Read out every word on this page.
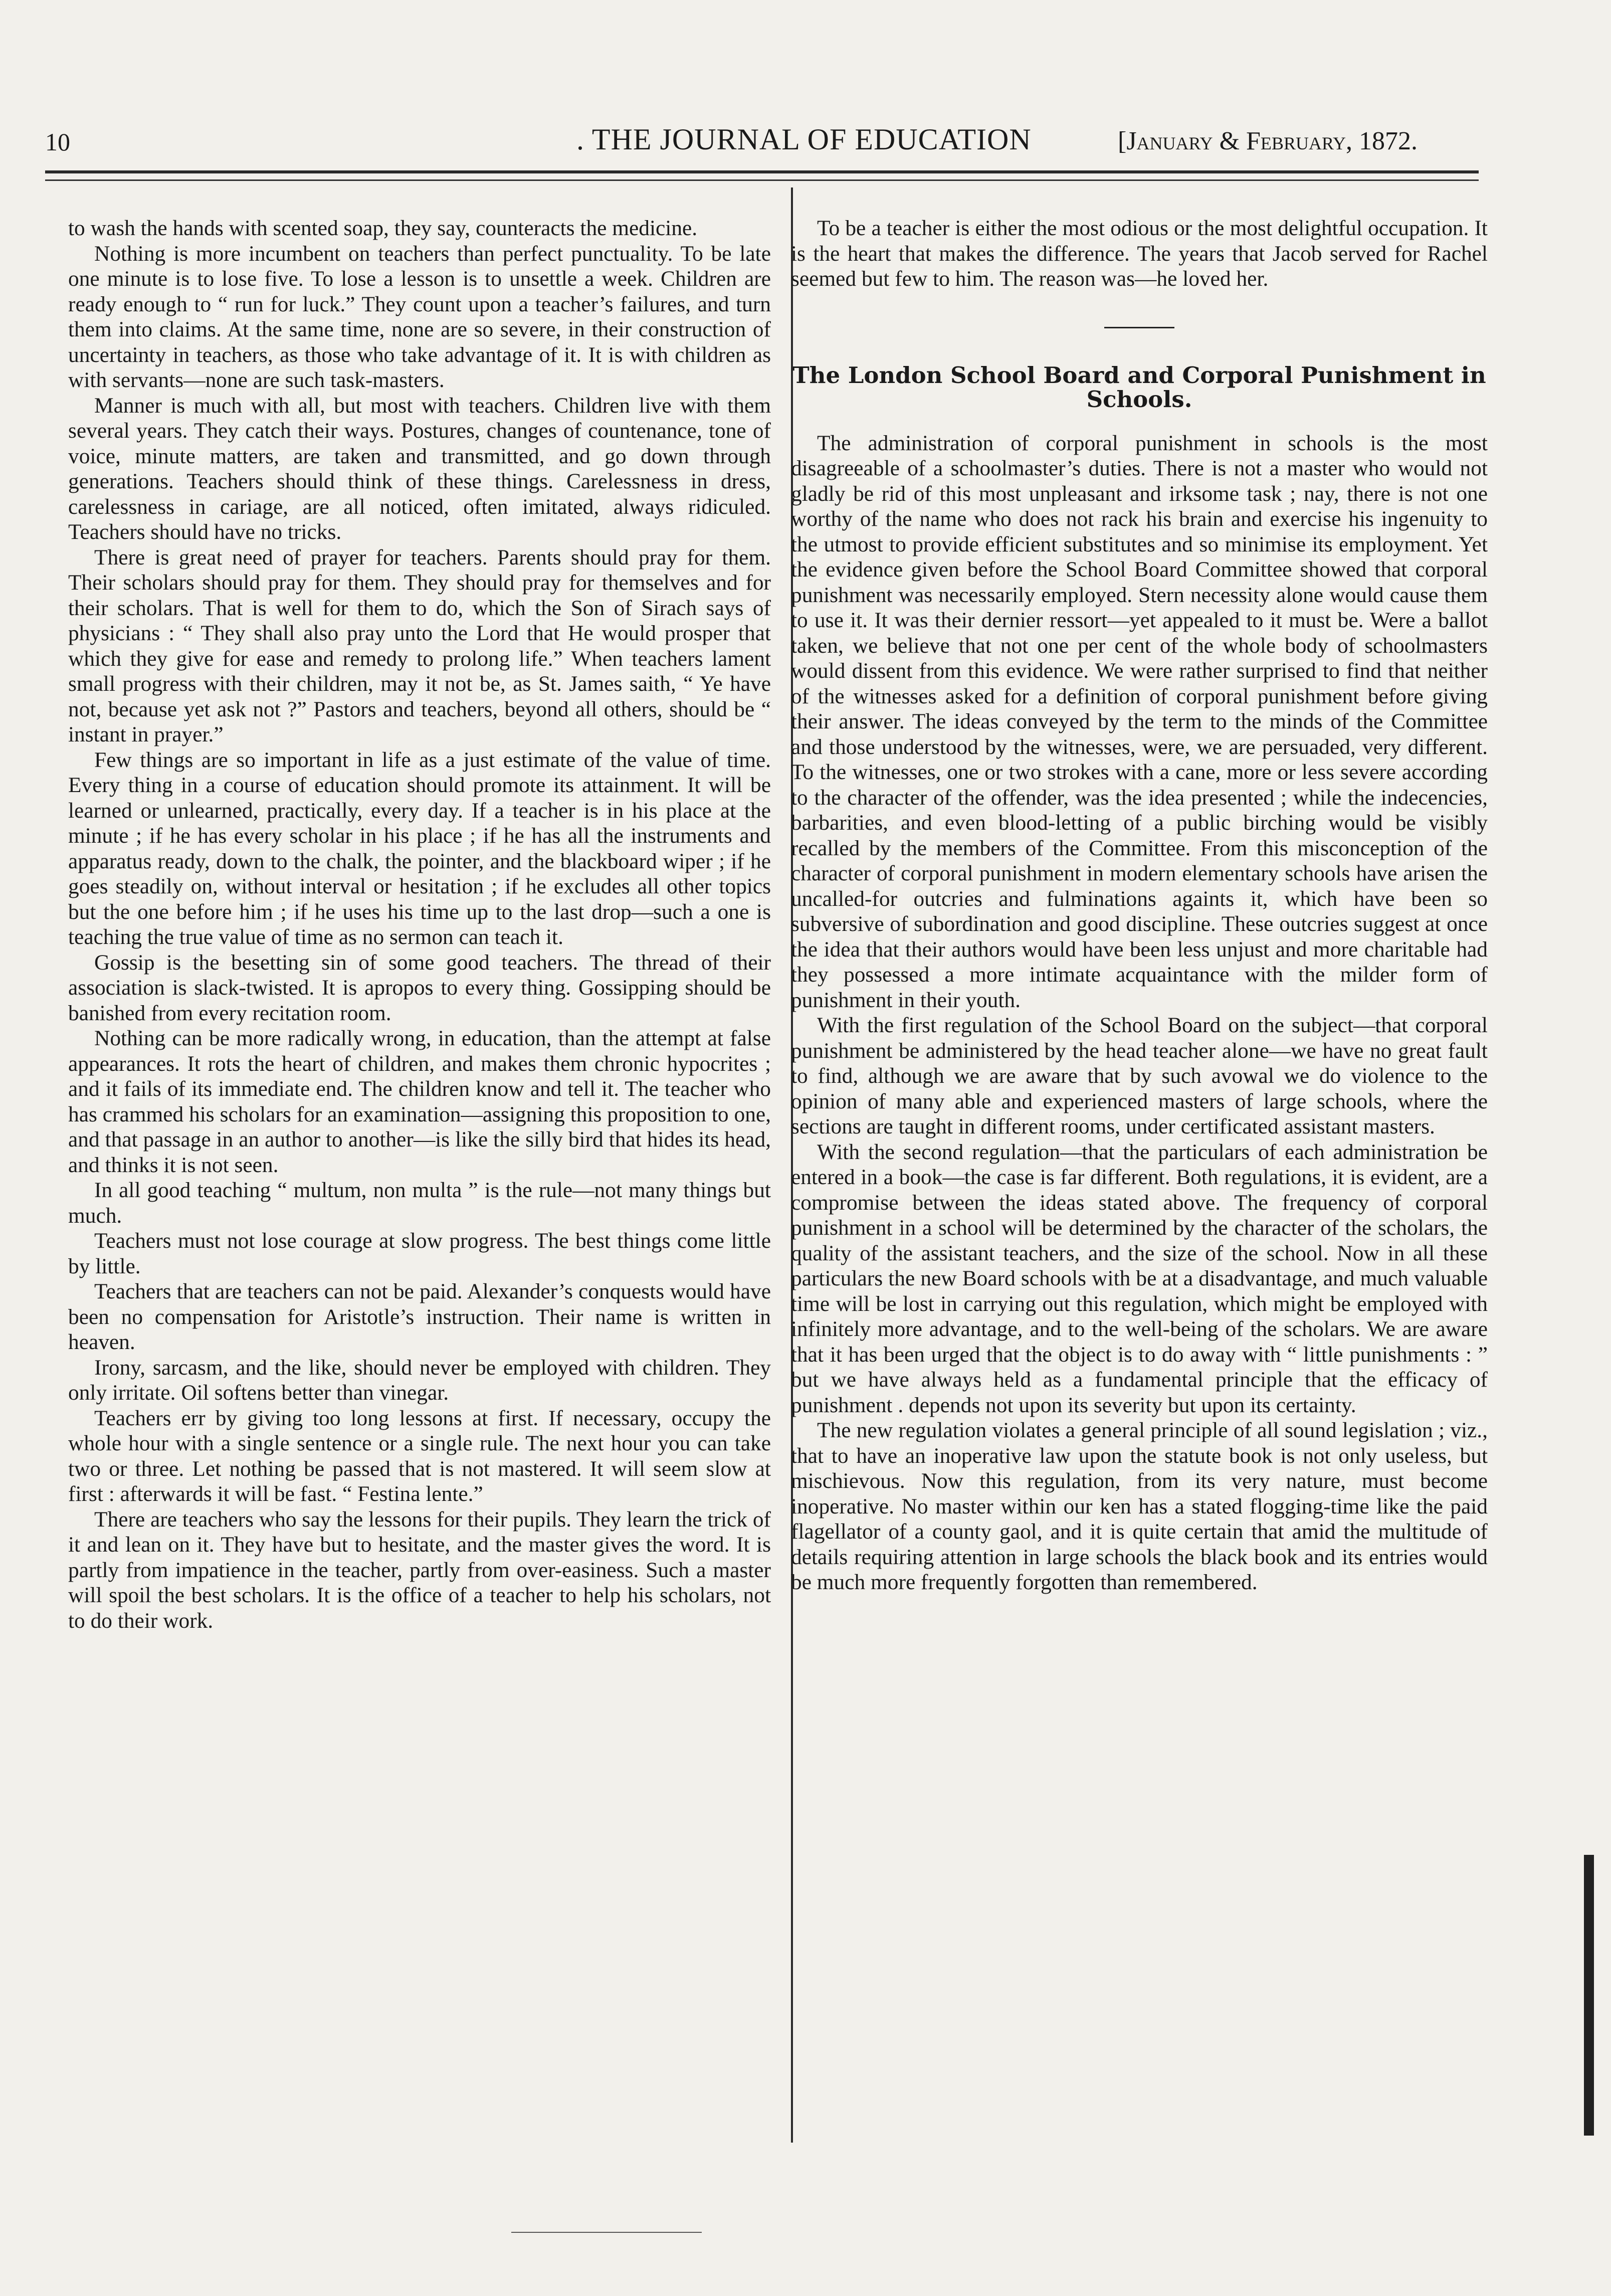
10	. THE JOURNAL OF EDUCATION	[January & February, 1872.

to wash the hands with scented soap, they say, counteracts the medicine.

Nothing is more incumbent on teachers than perfect punctuality. To be late one minute is to lose five. To lose a lesson is to unsettle a week. Children are ready enough to “ run for luck.” They count upon a teacher’s failures, and turn them into claims. At the same time, none are so severe, in their construction of uncertainty in teachers, as those who take advantage of it. It is with children as with servants—none are such task-masters.

Manner is much with all, but most with teachers. Children live with them several years. They catch their ways. Postures, changes of countenance, tone of voice, minute matters, are taken and transmitted, and go down through generations. Teachers should think of these things. Carelessness in dress, carelessness in cariage, are all noticed, often imitated, always ridiculed. Teachers should have no tricks.

There is great need of prayer for teachers. Parents should pray for them. Their scholars should pray for them. They should pray for themselves and for their scholars. That is well for them to do, which the Son of Sirach says of physicians : “ They shall also pray unto the Lord that He would prosper that which they give for ease and remedy to prolong life.” When teachers lament small progress with their children, may it not be, as St. James saith, “ Ye have not, because yet ask not ?” Pastors and teachers, beyond all others, should be “ instant in prayer.”

Few things are so important in life as a just estimate of the value of time. Every thing in a course of education should promote its attainment. It will be learned or unlearned, practically, every day. If a teacher is in his place at the minute ; if he has every scholar in his place ; if he has all the instruments and apparatus ready, down to the chalk, the pointer, and the blackboard wiper ; if he goes steadily on, without interval or hesitation ; if he excludes all other topics but the one before him ; if he uses his time up to the last drop—such a one is teaching the true value of time as no sermon can teach it.

Gossip is the besetting sin of some good teachers. The thread of their association is slack-twisted. It is apropos to every thing. Gossipping should be banished from every recitation room.

Nothing can be more radically wrong, in education, than the attempt at false appearances. It rots the heart of children, and makes them chronic hypocrites ; and it fails of its immediate end. The children know and tell it. The teacher who has crammed his scholars for an examination—assigning this proposition to one, and that passage in an author to another—is like the silly bird that hides its head, and thinks it is not seen.

In all good teaching “ multum, non multa ” is the rule—not many things but much.

Teachers must not lose courage at slow progress. The best things come little by little.

Teachers that are teachers can not be paid. Alexander’s conquests would have been no compensation for Aristotle’s instruction. Their name is written in heaven.

Irony, sarcasm, and the like, should never be employed with children. They only irritate. Oil softens better than vinegar.

Teachers err by giving too long lessons at first. If necessary, occupy the whole hour with a single sentence or a single rule. The next hour you can take two or three. Let nothing be passed that is not mastered. It will seem slow at first : afterwards it will be fast. “ Festina lente.”

There are teachers who say the lessons for their pupils. They learn the trick of it and lean on it. They have but to hesitate, and the master gives the word. It is partly from impatience in the teacher, partly from over-easiness. Such a master will spoil the best scholars. It is the office of a teacher to help his scholars, not to do their work.

To be a teacher is either the most odious or the most delightful occupation. It is the heart that makes the difference. The years that Jacob served for Rachel seemed but few to him. The reason was—he loved her.

The London School Board and Corporal Punishment in Schools.

The administration of corporal punishment in schools is the most disagreeable of a schoolmaster’s duties. There is not a master who would not gladly be rid of this most unpleasant and irksome task ; nay, there is not one worthy of the name who does not rack his brain and exercise his ingenuity to the utmost to provide efficient substitutes and so minimise its employment. Yet the evidence given before the School Board Committee showed that corporal punishment was necessarily employed. Stern necessity alone would cause them to use it. It was their dernier ressort—yet appealed to it must be. Were a ballot taken, we believe that not one per cent of the whole body of schoolmasters would dissent from this evidence. We were rather surprised to find that neither of the witnesses asked for a definition of corporal punishment before giving their answer. The ideas conveyed by the term to the minds of the Committee and those understood by the witnesses, were, we are persuaded, very different. To the witnesses, one or two strokes with a cane, more or less severe according to the character of the offender, was the idea presented ; while the indecencies, barbarities, and even blood-letting of a public birching would be visibly recalled by the members of the Committee. From this misconception of the character of corporal punishment in modern elementary schools have arisen the uncalled-for outcries and fulminations againts it, which have been so subversive of subordination and good discipline. These outcries suggest at once the idea that their authors would have been less unjust and more charitable had they possessed a more intimate acquaintance with the milder form of punishment in their youth.

With the first regulation of the School Board on the subject—that corporal punishment be administered by the head teacher alone—we have no great fault to find, although we are aware that by such avowal we do violence to the opinion of many able and experienced masters of large schools, where the sections are taught in different rooms, under certificated assistant masters.

With the second regulation—that the particulars of each administration be entered in a book—the case is far different. Both regulations, it is evident, are a compromise between the ideas stated above. The frequency of corporal punishment in a school will be determined by the character of the scholars, the quality of the assistant teachers, and the size of the school. Now in all these particulars the new Board schools with be at a disadvantage, and much valuable time will be lost in carrying out this regulation, which might be employed with infinitely more advantage, and to the well-being of the scholars. We are aware that it has been urged that the object is to do away with “ little punishments : ” but we have always held as a fundamental principle that the efficacy of punishment . depends not upon its severity but upon its certainty.

The new regulation violates a general principle of all sound legislation ; viz., that to have an inoperative law upon the statute book is not only useless, but mischievous. Now this regulation, from its very nature, must become inoperative. No master within our ken has a stated flogging-time like the paid flagellator of a county gaol, and it is quite certain that amid the multitude of details requiring attention in large schools the black book and its entries would be much more frequently forgotten than remembered.
